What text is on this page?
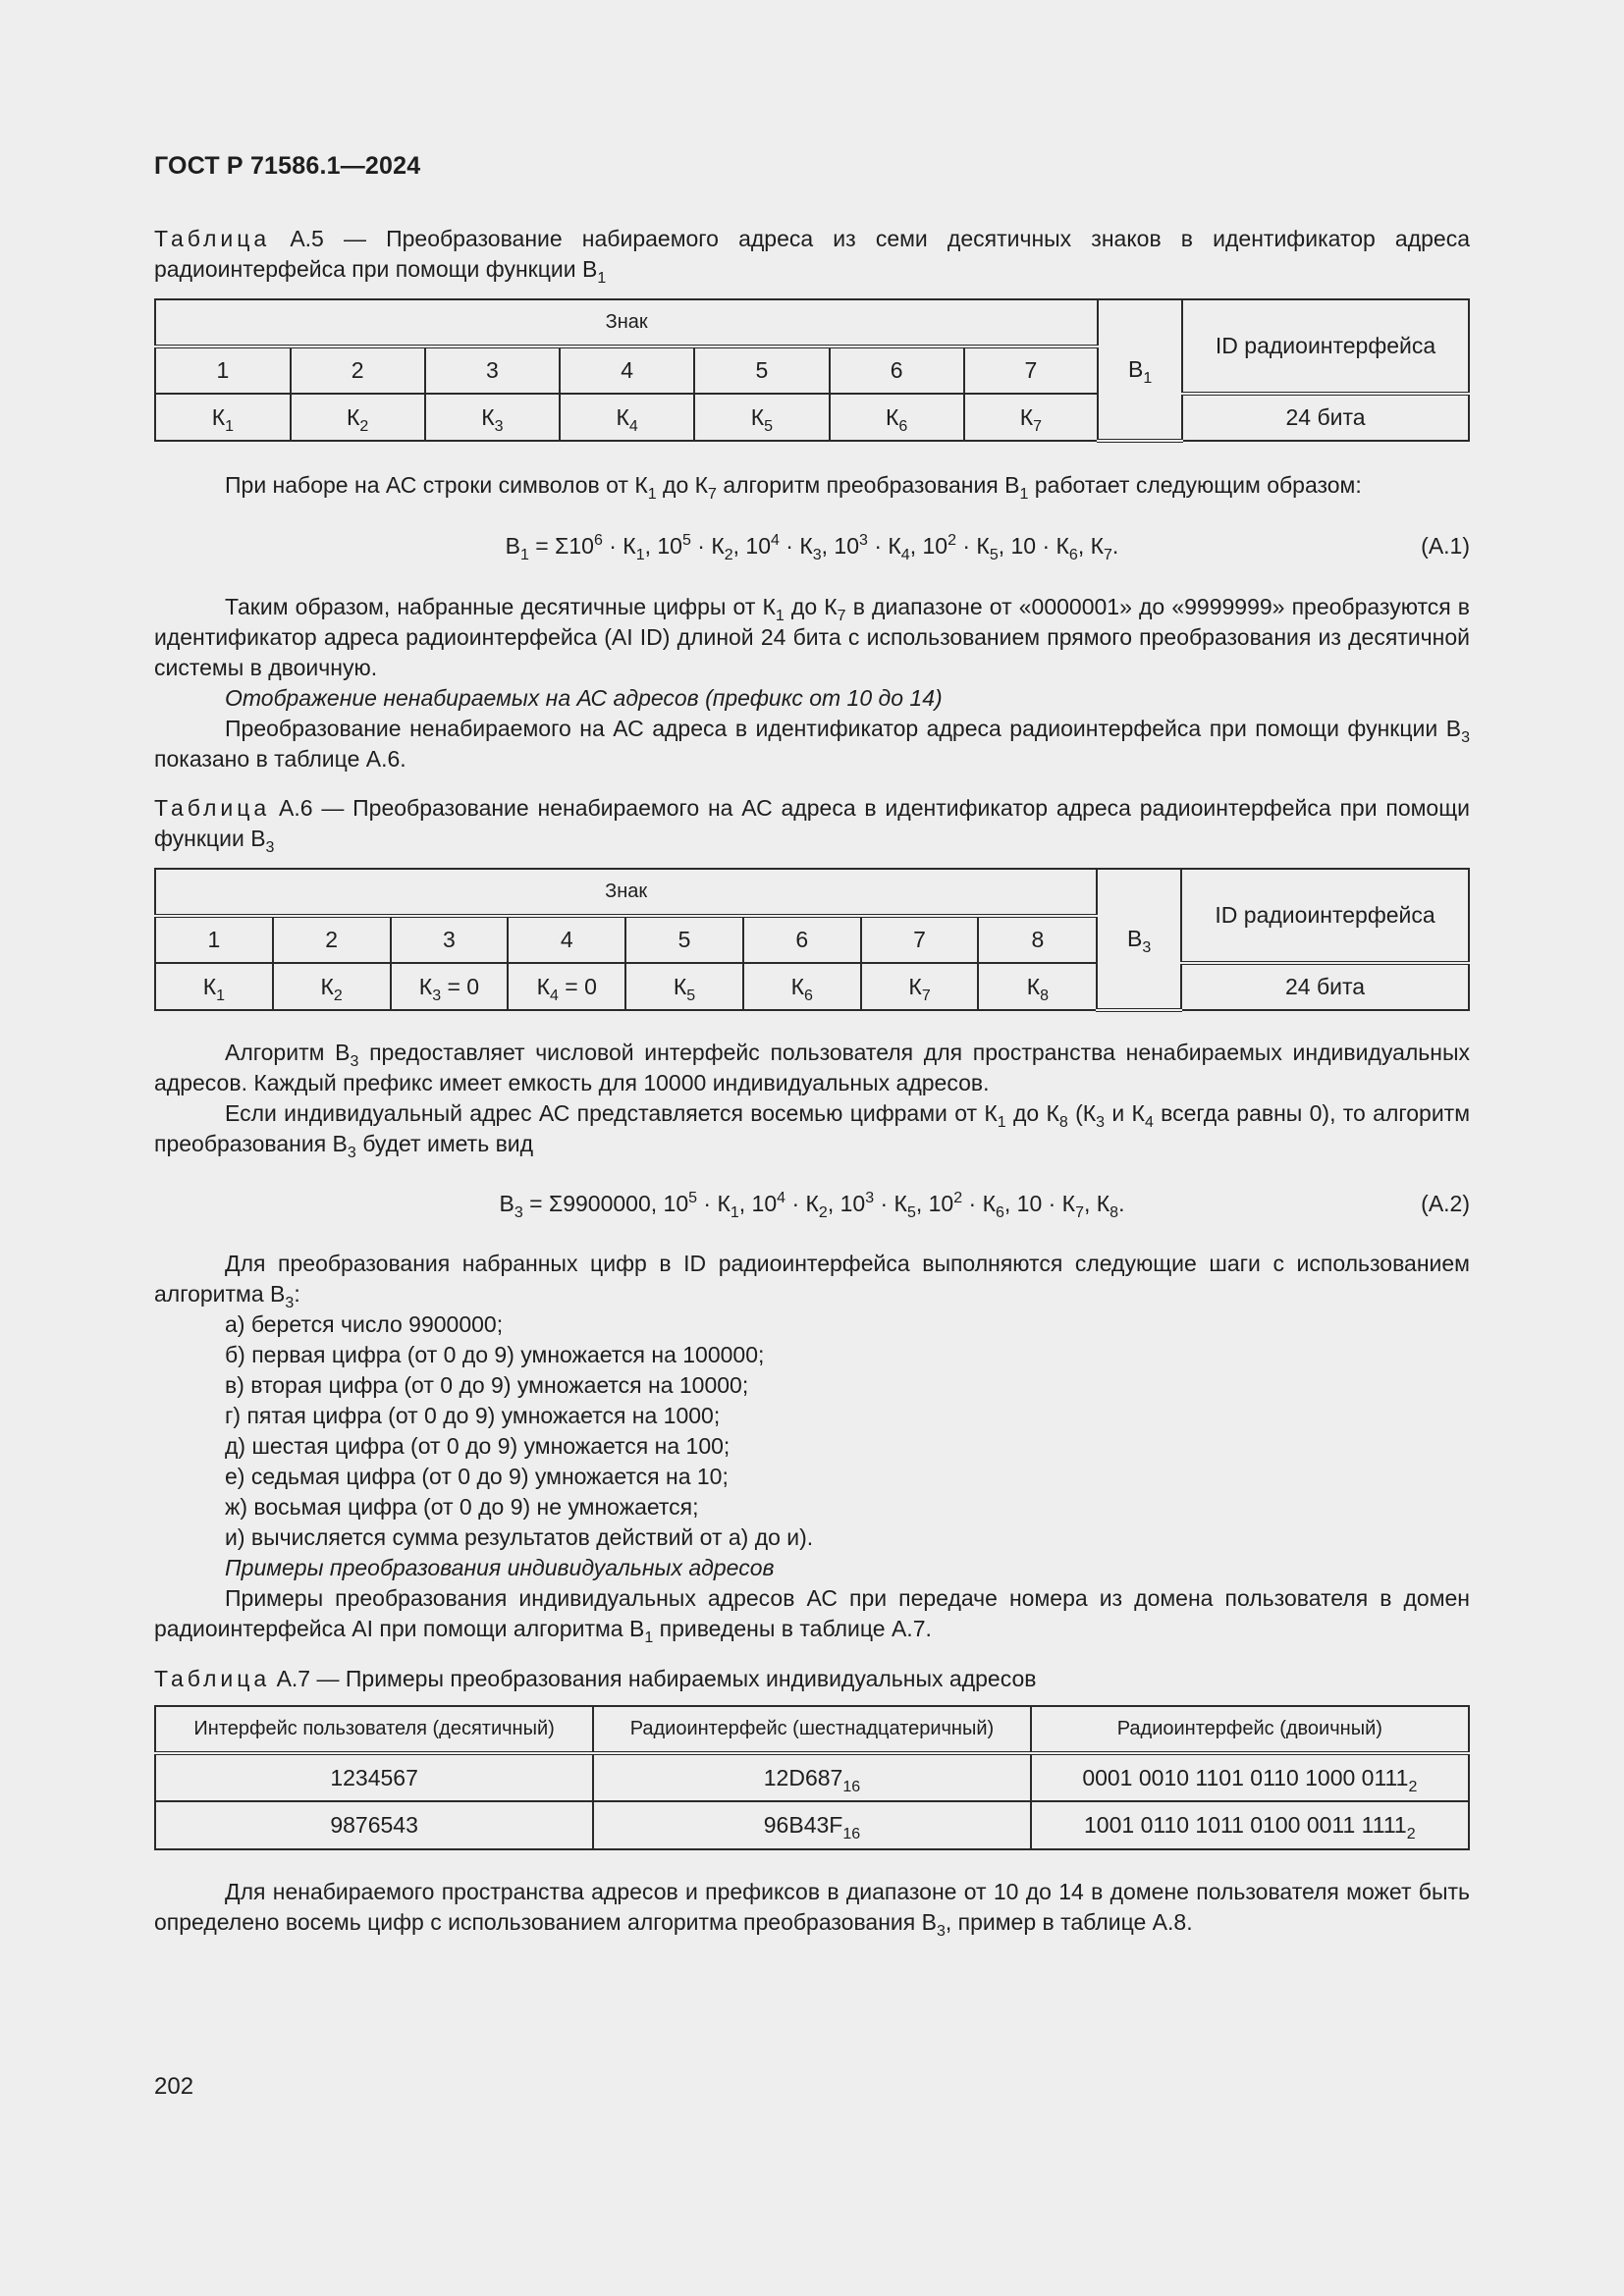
ГОСТ Р 71586.1—2024
Таблица А.5 — Преобразование набираемого адреса из семи десятичных знаков в идентификатор адреса радиоинтерфейса при помощи функции $В_1$
Знак							$В_1$	ID радиоинтерфейса
1	2	3	4	5	6	7		
$К_1$	$К_2$	$К_3$	$К_4$	$К_5$	$К_6$	$К_7$		24 бита

При наборе на АС строки символов от $К_1$ до $К_7$ алгоритм преобразования $В_1$ работает следующим образом:

$В_1 = \Sigma 10^6 \cdot К_1$, $10^5 \cdot К_2$, $10^4 \cdot К_3$, $10^3 \cdot К_4$, $10^2 \cdot К_5$, $10 \cdot К_6$, $К_7$.	(А.1)

Таким образом, набранные десятичные цифры от $К_1$ до $К_7$ в диапазоне от «0000001» до «9999999» преобразуются в идентификатор адреса радиоинтерфейса (AI ID) длиной 24 бита с использованием прямого преобразования из десятичной системы в двоичную.

Отображение ненабираемых на АС адресов (префикс от 10 до 14)

Преобразование ненабираемого на АС адреса в идентификатор адреса радиоинтерфейса при помощи функции $В_3$ показано в таблице А.6.

Таблица А.6 — Преобразование ненабираемого на АС адреса в идентификатор адреса радиоинтерфейса при помощи функции $В_3$
Знак								$В_3$	ID радиоинтерфейса
1	2	3	4	5	6	7	8		
$К_1$	$К_2$	$К_3 = 0$	$К_4 = 0$	$К_5$	$К_6$	$К_7$	$К_8$		24 бита

Алгоритм $В_3$ предоставляет числовой интерфейс пользователя для пространства ненабираемых индивидуальных адресов. Каждый префикс имеет емкость для 10000 индивидуальных адресов.

Если индивидуальный адрес АС представляется восемью цифрами от $К_1$ до $К_8$ ($К_3$ и $К_4$ всегда равны 0), то алгоритм преобразования $В_3$ будет иметь вид

$В_3 = \Sigma 9900000$, $10^5 \cdot К_1$, $10^4 \cdot К_2$, $10^3 \cdot К_5$, $10^2 \cdot К_6$, $10 \cdot К_7$, $К_8$.	(А.2)

Для преобразования набранных цифр в ID радиоинтерфейса выполняются следующие шаги с использованием алгоритма $В_3$:

а) берется число 9900000;

б) первая цифра (от 0 до 9) умножается на 100000;

в) вторая цифра (от 0 до 9) умножается на 10000;

г) пятая цифра (от 0 до 9) умножается на 1000;

д) шестая цифра (от 0 до 9) умножается на 100;

е) седьмая цифра (от 0 до 9) умножается на 10;

ж) восьмая цифра (от 0 до 9) не умножается;

и) вычисляется сумма результатов действий от а) до и).

Примеры преобразования индивидуальных адресов

Примеры преобразования индивидуальных адресов АС при передаче номера из домена пользователя в домен радиоинтерфейса AI при помощи алгоритма $В_1$ приведены в таблице А.7.

Таблица А.7 — Примеры преобразования набираемых индивидуальных адресов
Интерфейс пользователя (десятичный)	Радиоинтерфейс (шестнадцатеричный)	Радиоинтерфейс (двоичный)
1234567	$12D687_{16}$	0001 0010 1101 0110 1000 $0111_2$
9876543	$96B43F_{16}$	1001 0110 1011 0100 0011 $1111_2$

Для ненабираемого пространства адресов и префиксов в диапазоне от 10 до 14 в домене пользователя может быть определено восемь цифр с использованием алгоритма преобразования $В_3$, пример в таблице А.8.

202
